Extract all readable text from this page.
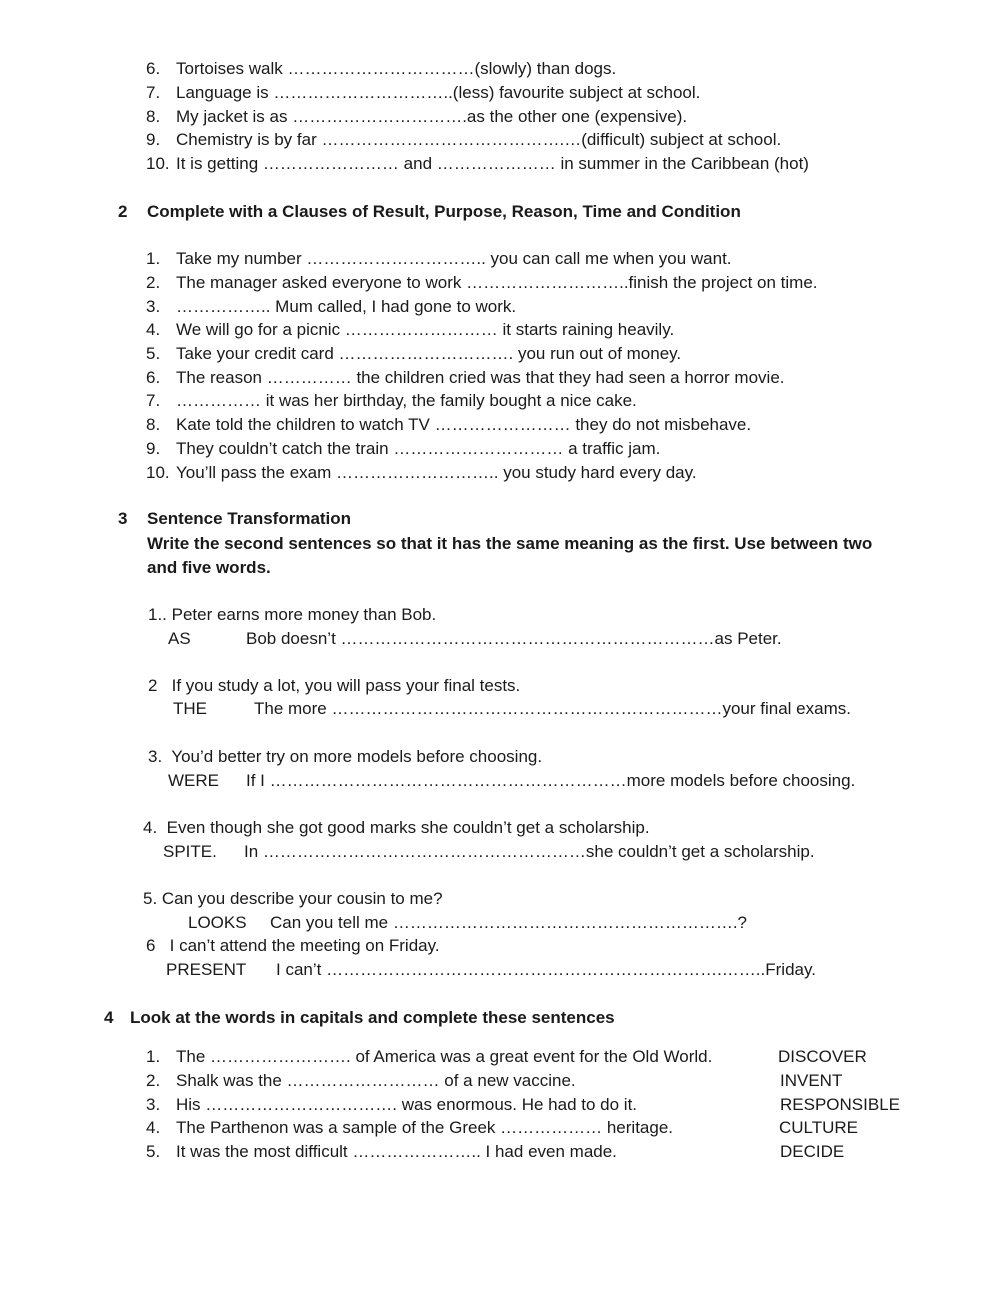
6. Tortoises walk ……………………………(slowly) than dogs.
7. Language is …………………………..(less) favourite subject at school.
8. My jacket is as ………………………….as the other one (expensive).
9. Chemistry is by far …………………………………….…(difficult) subject at school.
10. It is getting …………………… and ………………… in summer in the Caribbean (hot)
2 Complete with a Clauses of Result, Purpose, Reason, Time and Condition
1. Take my number ………………………….. you can call me when you want.
2. The manager asked everyone to work ………………………..finish the project on time.
3. …………….. Mum called, I had gone to work.
4. We will go for a picnic ……………………… it starts raining heavily.
5. Take your credit card …………………………. you run out of money.
6. The reason …………… the children cried was that they had seen a horror movie.
7. …………… it was her birthday, the family bought a nice cake.
8. Kate told the children to watch TV …………………… they do not misbehave.
9. They couldn’t catch the train ………………………… a traffic jam.
10. You’ll pass the exam ……………………….. you study hard every day.
3 Sentence Transformation
Write the second sentences so that it has the same meaning as the first. Use between two
and five words.
1.. Peter earns more money than Bob.
AS	Bob doesn’t …………………………………………………………as Peter.
2   If you study a lot, you will pass your final tests.
THE	The more ……………………………………………………………your final exams.
3.  You’d better try on more models before choosing.
WERE If I ………………………………………………………more models before choosing.
4.  Even though she got good marks she couldn’t get a scholarship.
SPITE. In …………………………………………………she couldn’t get a scholarship.
5. Can you describe your cousin to me?
LOOKS Can you tell me …………………………………………………….?
6   I can’t attend the meeting on Friday.
PRESENT I can’t …………………………………………………………….……..Friday.
4 Look at the words in capitals and complete these sentences
1. The ……………………. of America was a great event for the Old World.	DISCOVER
2. Shalk was the ……………………… of a new vaccine.	INVENT
3. His ……………………………. was enormous. He had to do it.	RESPONSIBLE
4. The Parthenon was a sample of the Greek ……………… heritage.	CULTURE
5. It was the most difficult ………………….. I had even made.	DECIDE
